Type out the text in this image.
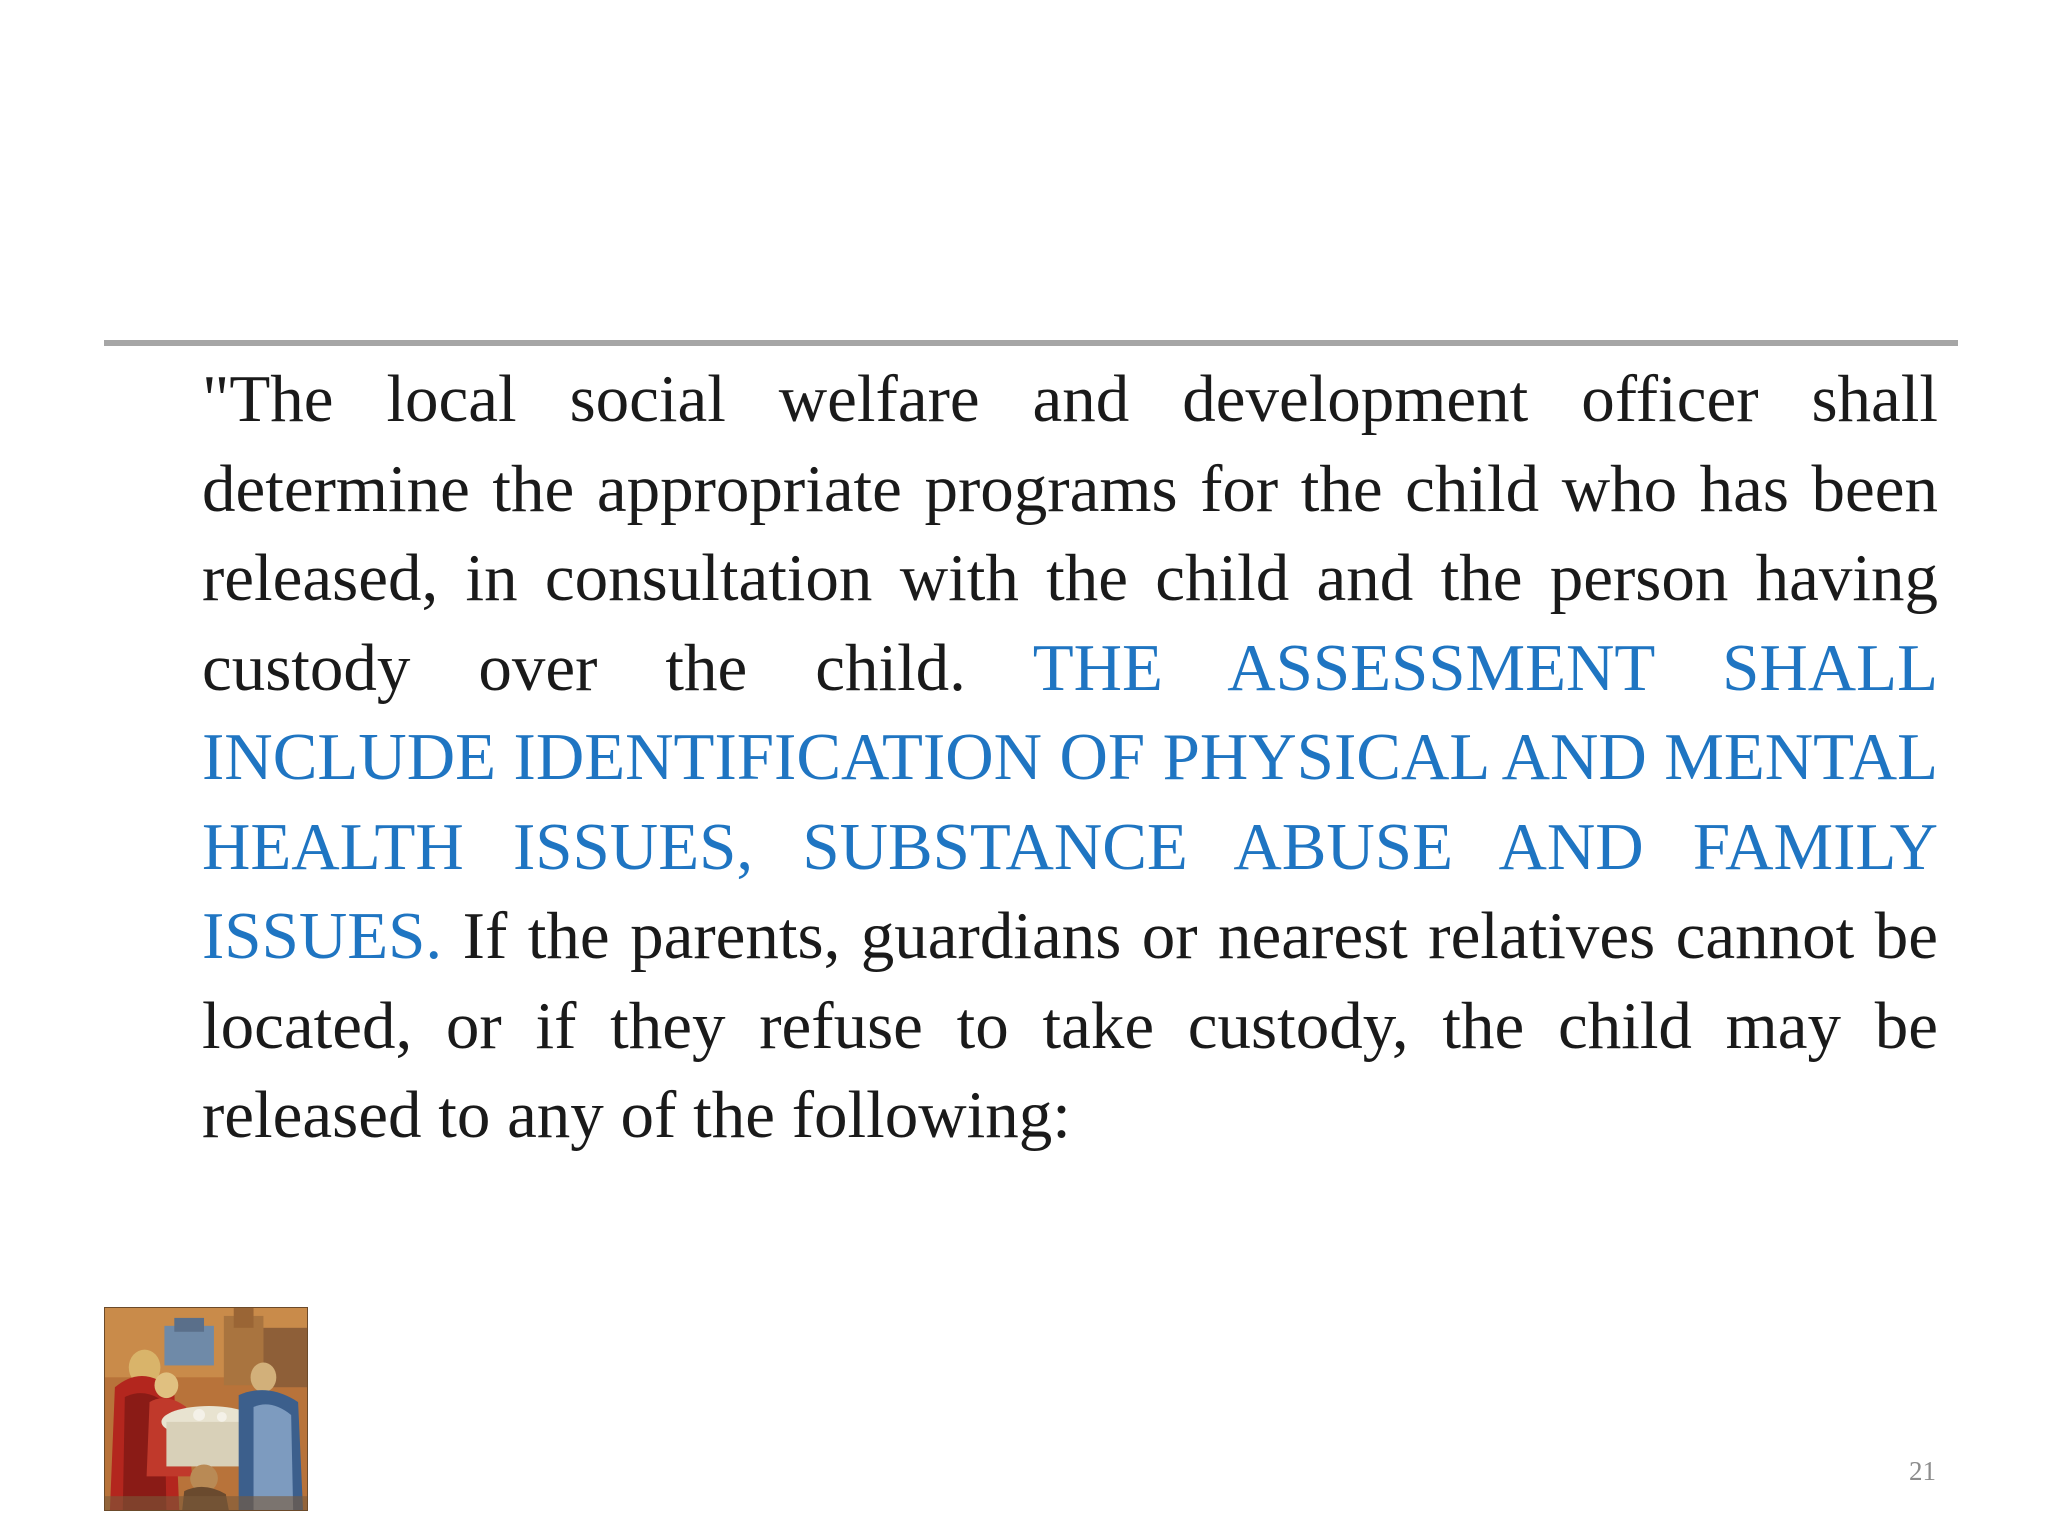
"The local social welfare and development officer shall determine the appropriate programs for the child who has been released, in consultation with the child and the person having custody over the child. THE ASSESSMENT SHALL INCLUDE IDENTIFICATION OF PHYSICAL AND MENTAL HEALTH ISSUES, SUBSTANCE ABUSE AND FAMILY ISSUES. If the parents, guardians or nearest relatives cannot be located, or if they refuse to take custody, the child may be released to any of the following:

21
